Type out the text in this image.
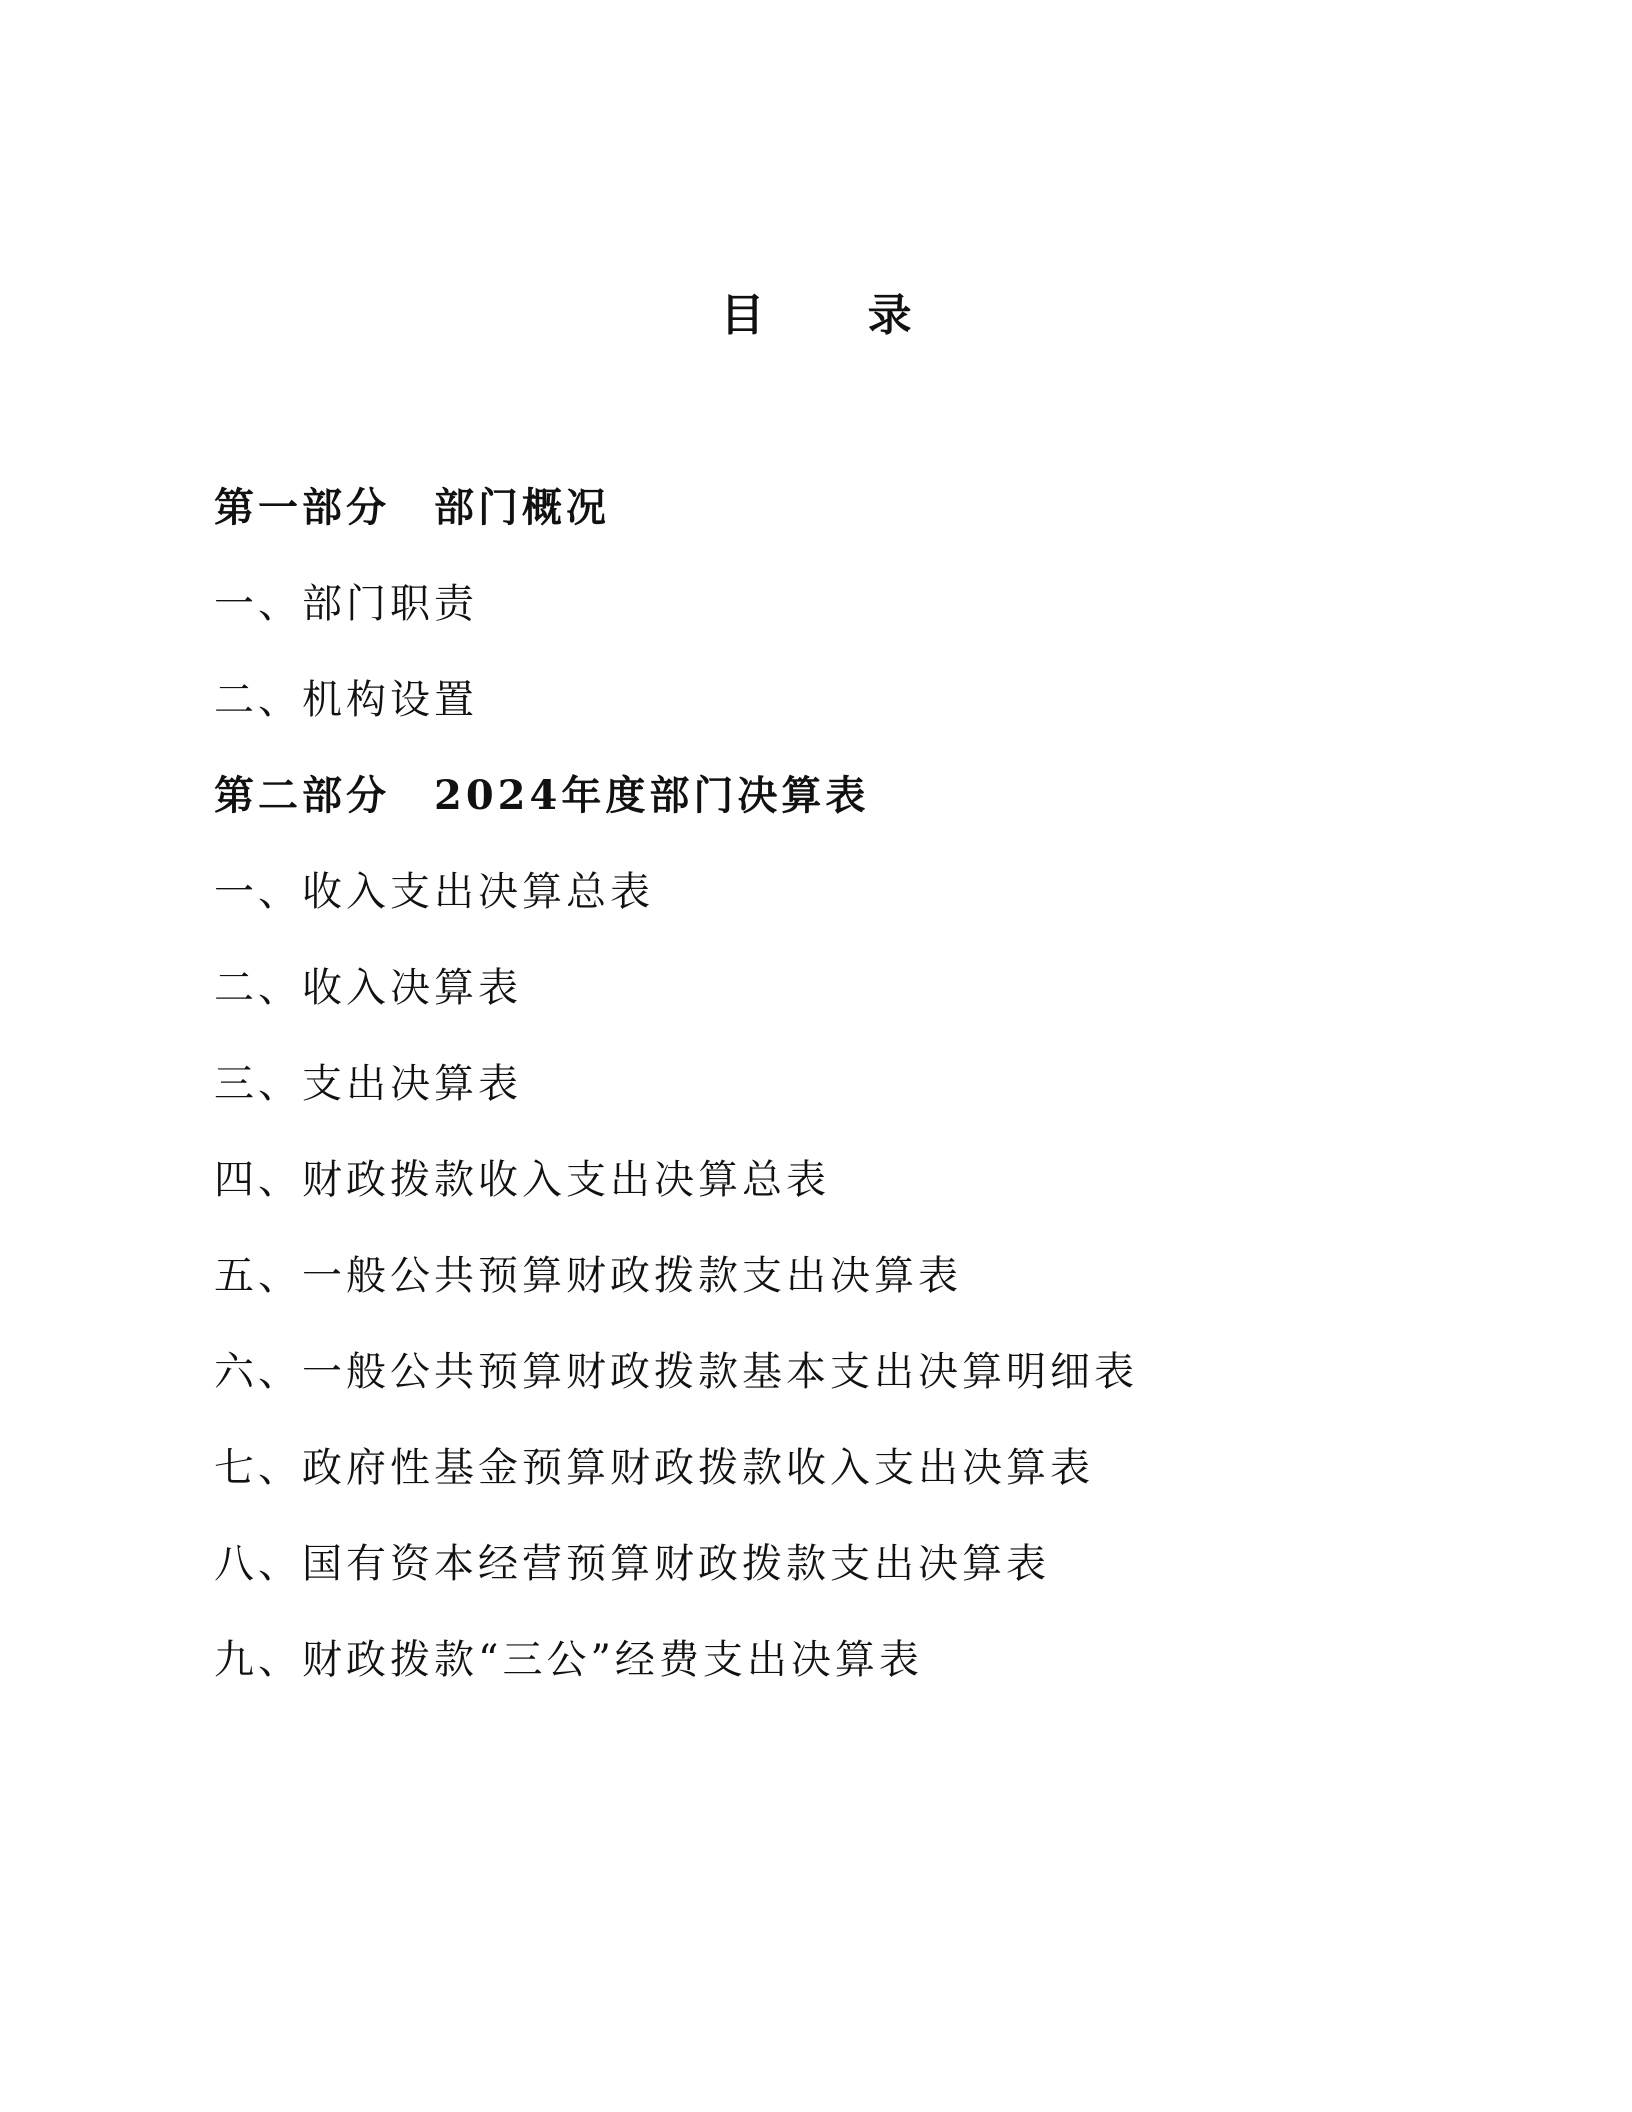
目 录
第一部分 部门概况
一、部门职责
二、机构设置
第二部分 2024年度部门决算表
一、收入支出决算总表
二、收入决算表
三、支出决算表
四、财政拨款收入支出决算总表
五、一般公共预算财政拨款支出决算表
六、一般公共预算财政拨款基本支出决算明细表
七、政府性基金预算财政拨款收入支出决算表
八、国有资本经营预算财政拨款支出决算表
九、财政拨款“三公”经费支出决算表
